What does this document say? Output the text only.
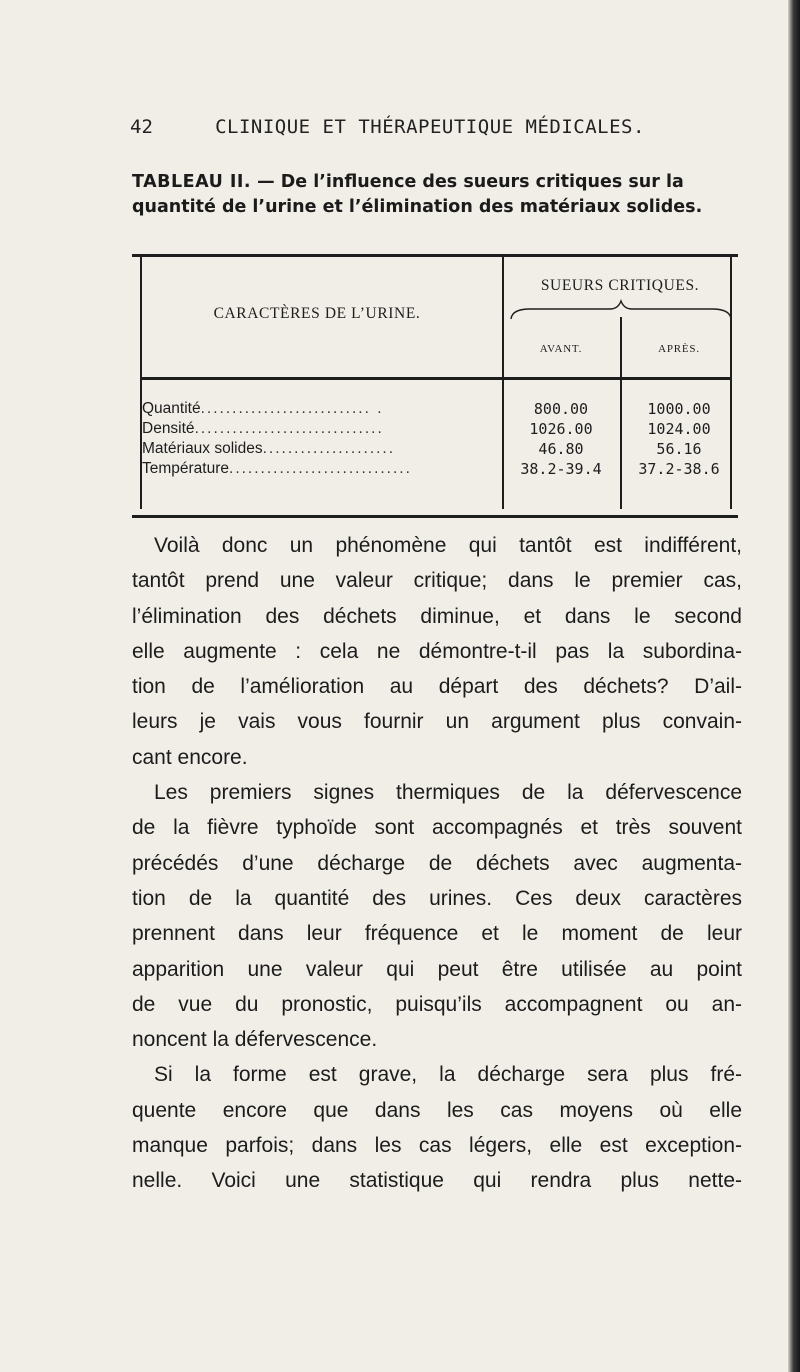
42	CLINIQUE ET THÉRAPEUTIQUE MÉDICALES.
TABLEAU II. — De l’influence des sueurs critiques sur la
quantité de l’urine et l’élimination des matériaux solides.
CARACTÈRES DE L’URINE.
SUEURS CRITIQUES.
AVANT.	APRÈS.
Quantité........................... .	800.00	1000.00
Densité..............................	1026.00	1024.00
Matériaux solides.....................	46.80	56.16
Température.............................	38.2-39.4	37.2-38.6
Voilà donc un phénomène qui tantôt est indifférent,
tantôt prend une valeur critique; dans le premier cas,
l’élimination des déchets diminue, et dans le second
elle augmente : cela ne démontre-t-il pas la subordina-
tion de l’amélioration au départ des déchets? D’ail-
leurs je vais vous fournir un argument plus convain-
cant encore.
Les premiers signes thermiques de la défervescence
de la fièvre typhoïde sont accompagnés et très souvent
précédés d’une décharge de déchets avec augmenta-
tion de la quantité des urines. Ces deux caractères
prennent dans leur fréquence et le moment de leur
apparition une valeur qui peut être utilisée au point
de vue du pronostic, puisqu’ils accompagnent ou an-
noncent la défervescence.
Si la forme est grave, la décharge sera plus fré-
quente encore que dans les cas moyens où elle
manque parfois; dans les cas légers, elle est exception-
nelle. Voici une statistique qui rendra plus nette-
